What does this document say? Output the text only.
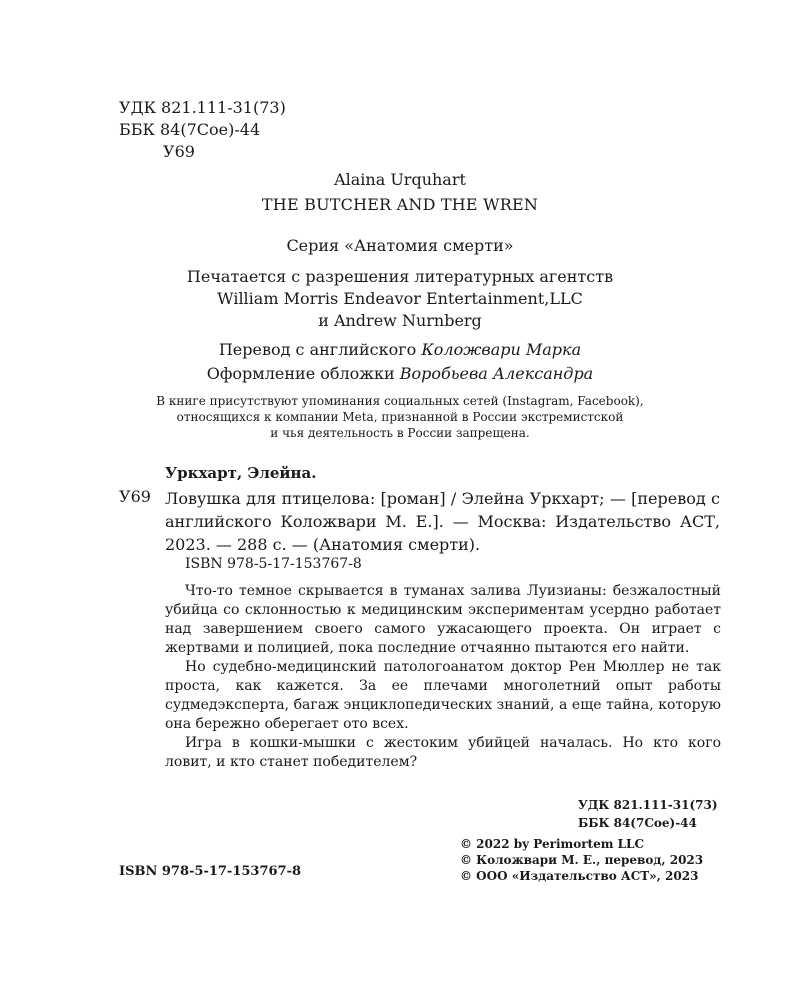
УДК 821.111-31(73)
ББК 84(7Сое)-44
У69
Alaina Urquhart
THE BUTCHER AND THE WREN
Серия «Анатомия смерти»
Печатается с разрешения литературных агентств
William Morris Endeavor Entertainment,LLC
и Andrew Nurnberg
Перевод с английского Коложвари Марка
Оформление обложки Воробьева Александра
В книге присутствуют упоминания социальных сетей (Instagram, Facebook),
относящихся к компании Meta, признанной в России экстремистской
и чья деятельность в России запрещена.
Уркхарт, Элейна.
У69 Ловушка для птицелова: [роман] / Элейна Уркхарт; — [перевод с английского Коложвари М. Е.]. — Москва: Издательство АСТ, 2023. — 288 с. — (Анатомия смерти).
ISBN 978-5-17-153767-8

Что-то темное скрывается в туманах залива Луизианы: безжалостный убийца со склонностью к медицинским экспериментам усердно работает над завершением своего самого ужасающего проекта. Он играет с жертвами и полицией, пока последние отчаянно пытаются его найти.

Но судебно-медицинский патологоанатом доктор Рен Мюллер не так проста, как кажется. За ее плечами многолетний опыт работы судмедэксперта, багаж энциклопедических знаний, а еще тайна, которую она бережно оберегает ото всех.

Игра в кошки-мышки с жестоким убийцей началась. Но кто кого ловит, и кто станет победителем?

УДК 821.111-31(73)
ББК 84(7Сое)-44
© 2022 by Perimortem LLC
© Коложвари М. Е., перевод, 2023
© ООО «Издательство АСТ», 2023
ISBN 978-5-17-153767-8
